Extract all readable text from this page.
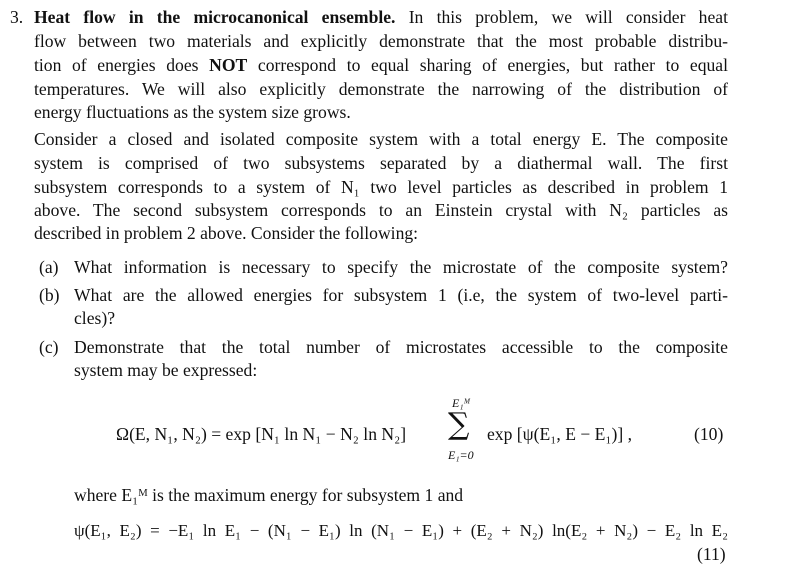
3. Heat flow in the microcanonical ensemble. In this problem, we will consider heat
flow between two materials and explicitly demonstrate that the most probable distribu-
tion of energies does NOT correspond to equal sharing of energies, but rather to equal
temperatures. We will also explicitly demonstrate the narrowing of the distribution of
energy fluctuations as the system size grows.
Consider a closed and isolated composite system with a total energy E. The composite
system is comprised of two subsystems separated by a diathermal wall. The first
subsystem corresponds to a system of N₁ two level particles as described in problem 1
above. The second subsystem corresponds to an Einstein crystal with N₂ particles as
described in problem 2 above. Consider the following:
(a) What information is necessary to specify the microstate of the composite system?
(b) What are the allowed energies for subsystem 1 (i.e, the system of two-level parti-
cles)?
(c) Demonstrate that the total number of microstates accessible to the composite
system may be expressed:
Ω(E, N₁, N₂) = exp [N₁ ln N₁ − N₂ ln N₂]
E₁ᴹ
∑
E₁=0
exp [ψ(E₁, E − E₁)] ,	(10)
where E₁ᴹ is the maximum energy for subsystem 1 and
ψ(E₁, E₂) = −E₁ ln E₁ − (N₁ − E₁) ln (N₁ − E₁) + (E₂ + N₂) ln(E₂ + N₂) − E₂ ln E₂
(11)
